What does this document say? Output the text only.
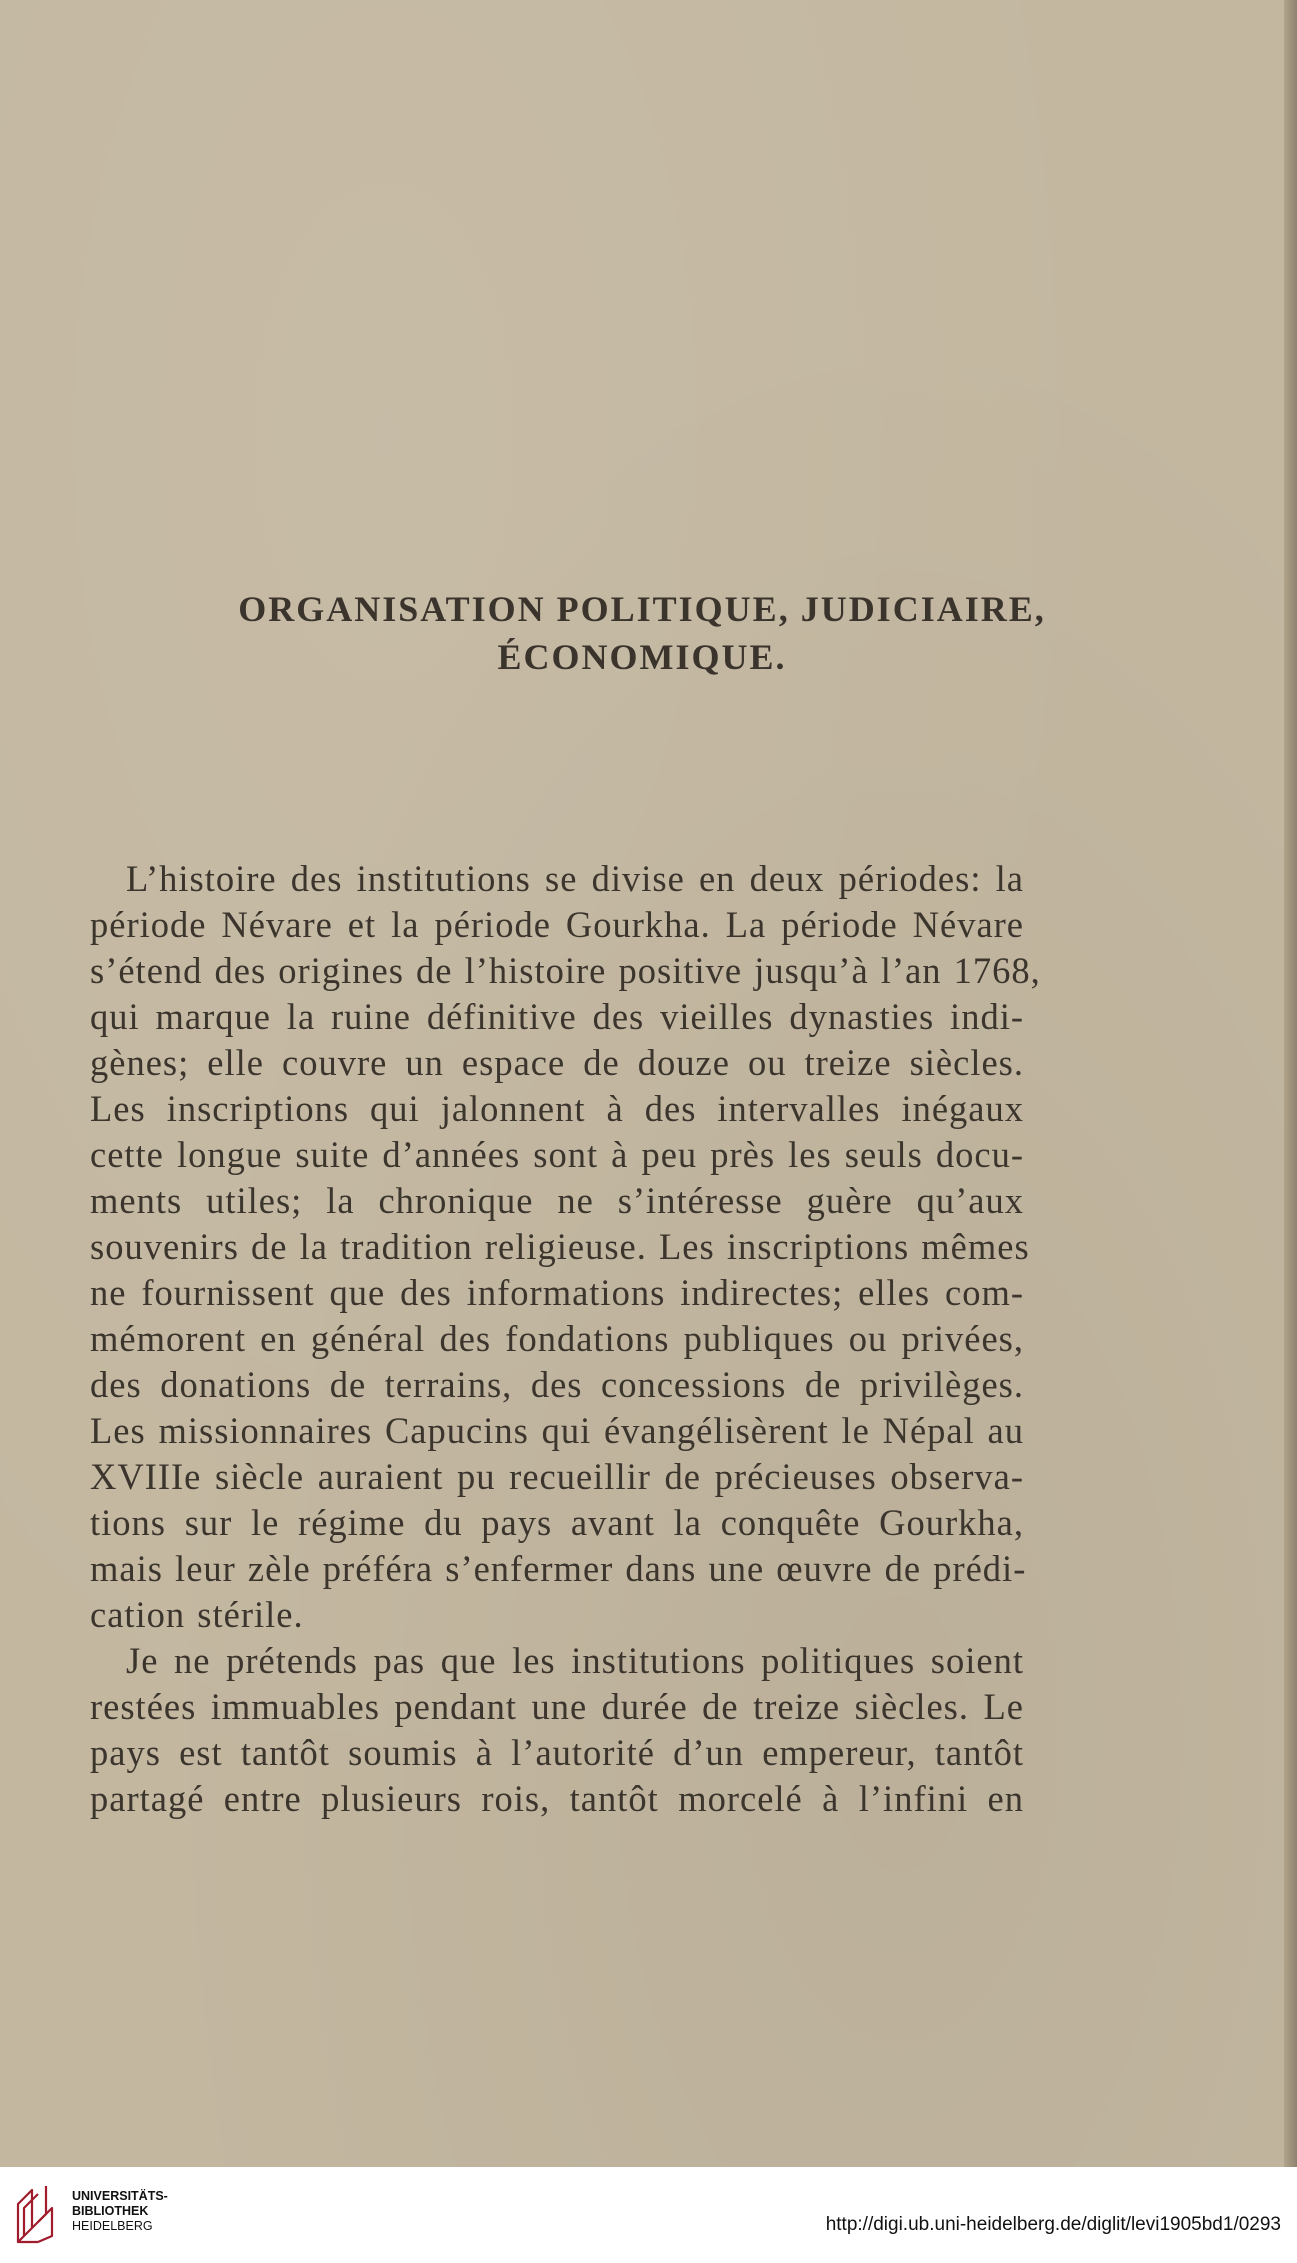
ORGANISATION POLITIQUE, JUDICIAIRE,
ÉCONOMIQUE.
L’histoire des institutions se divise en deux périodes: la
période Névare et la période Gourkha. La période Névare
s’étend des origines de l’histoire positive jusqu’à l’an 1768,
qui marque la ruine définitive des vieilles dynasties indi-
gènes; elle couvre un espace de douze ou treize siècles.
Les inscriptions qui jalonnent à des intervalles inégaux
cette longue suite d’années sont à peu près les seuls docu-
ments utiles; la chronique ne s’intéresse guère qu’aux
souvenirs de la tradition religieuse. Les inscriptions mêmes
ne fournissent que des informations indirectes; elles com-
mémorent en général des fondations publiques ou privées,
des donations de terrains, des concessions de privilèges.
Les missionnaires Capucins qui évangélisèrent le Népal au
XVIIIe siècle auraient pu recueillir de précieuses observa-
tions sur le régime du pays avant la conquête Gourkha,
mais leur zèle préféra s’enfermer dans une œuvre de prédi-
cation stérile.
Je ne prétends pas que les institutions politiques soient
restées immuables pendant une durée de treize siècles. Le
pays est tantôt soumis à l’autorité d’un empereur, tantôt
partagé entre plusieurs rois, tantôt morcelé à l’infini en
UNIVERSITÄTS-
BIBLIOTHEK
HEIDELBERG	http://digi.ub.uni-heidelberg.de/diglit/levi1905bd1/0293
